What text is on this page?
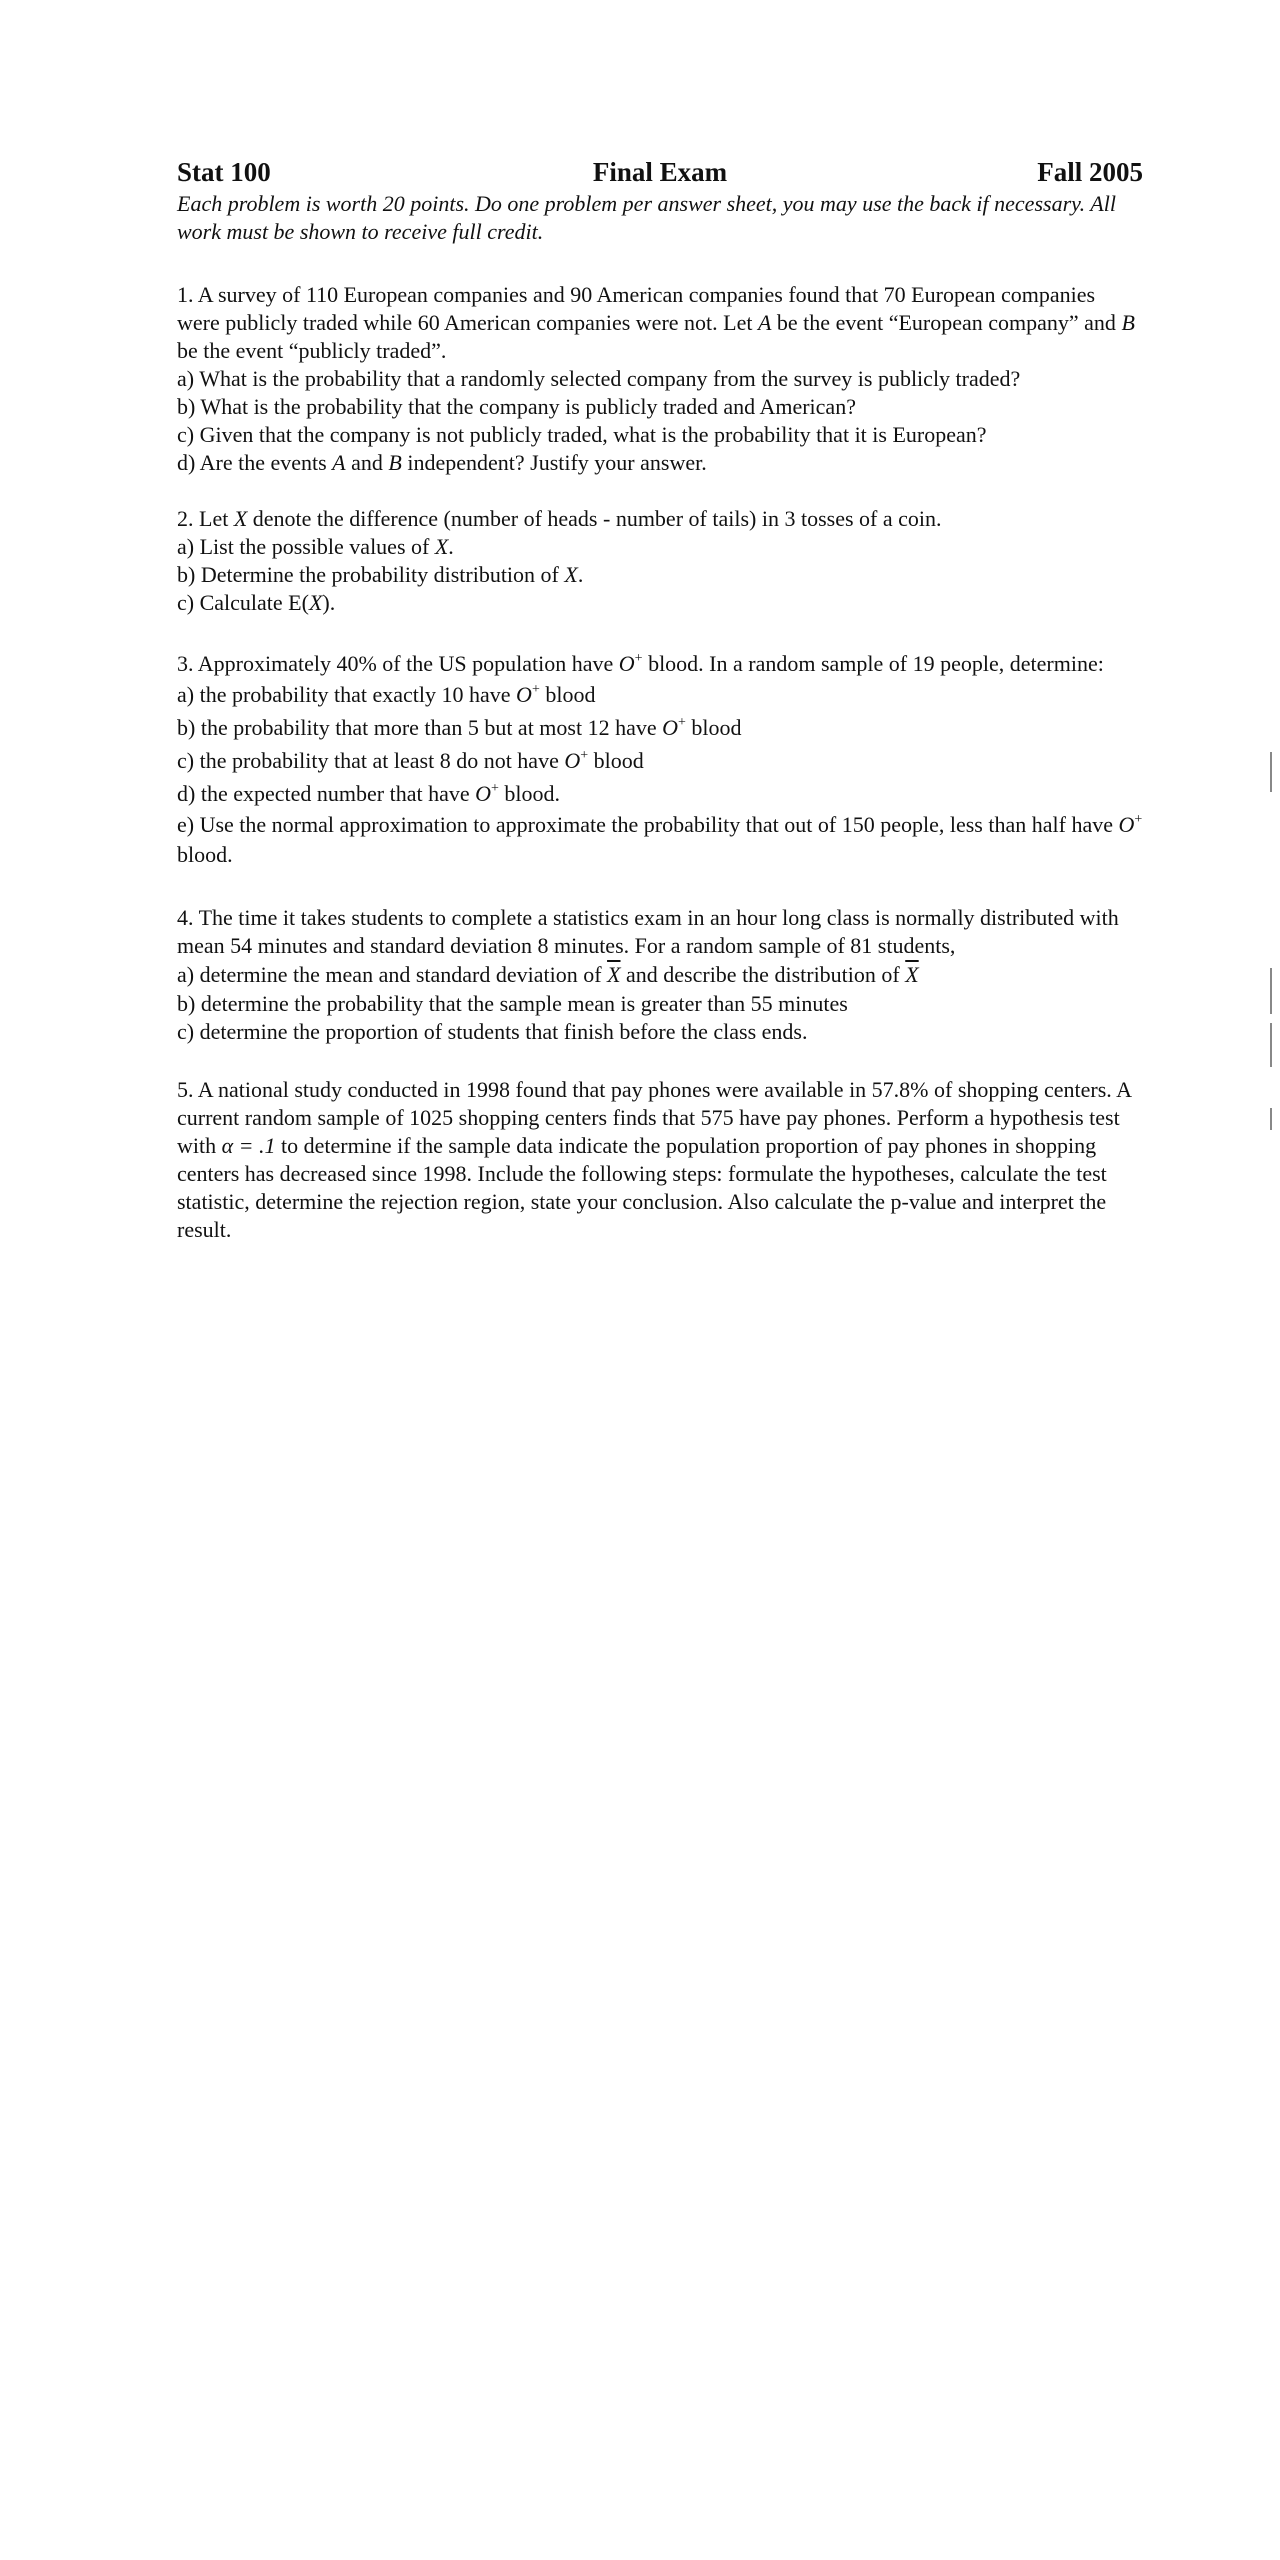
Stat 100	Final Exam	Fall 2005
Each problem is worth 20 points. Do one problem per answer sheet, you may use the back if necessary. All work must be shown to receive full credit.

1. A survey of 110 European companies and 90 American companies found that 70 European companies were publicly traded while 60 American companies were not. Let A be the event “European company” and B be the event “publicly traded”.

a) What is the probability that a randomly selected company from the survey is publicly traded?

b) What is the probability that the company is publicly traded and American?

c) Given that the company is not publicly traded, what is the probability that it is European?

d) Are the events A and B independent? Justify your answer.

2. Let X denote the difference (number of heads - number of tails) in 3 tosses of a coin.

a) List the possible values of X.

b) Determine the probability distribution of X.

c) Calculate E(X).

3. Approximately 40% of the US population have O+ blood. In a random sample of 19 people, determine:

a) the probability that exactly 10 have O+ blood

b) the probability that more than 5 but at most 12 have O+ blood

c) the probability that at least 8 do not have O+ blood

d) the expected number that have O+ blood.

e) Use the normal approximation to approximate the probability that out of 150 people, less than half have O+ blood.

4. The time it takes students to complete a statistics exam in an hour long class is normally distributed with mean 54 minutes and standard deviation 8 minutes. For a random sample of 81 students,

a) determine the mean and standard deviation of $\overline{X}$ and describe the distribution of $\overline{X}$

b) determine the probability that the sample mean is greater than 55 minutes

c) determine the proportion of students that finish before the class ends.

5. A national study conducted in 1998 found that pay phones were available in 57.8% of shopping centers. A current random sample of 1025 shopping centers finds that 575 have pay phones. Perform a hypothesis test with α = .1 to determine if the sample data indicate the population proportion of pay phones in shopping centers has decreased since 1998. Include the following steps: formulate the hypotheses, calculate the test statistic, determine the rejection region, state your conclusion. Also calculate the p-value and interpret the result.
